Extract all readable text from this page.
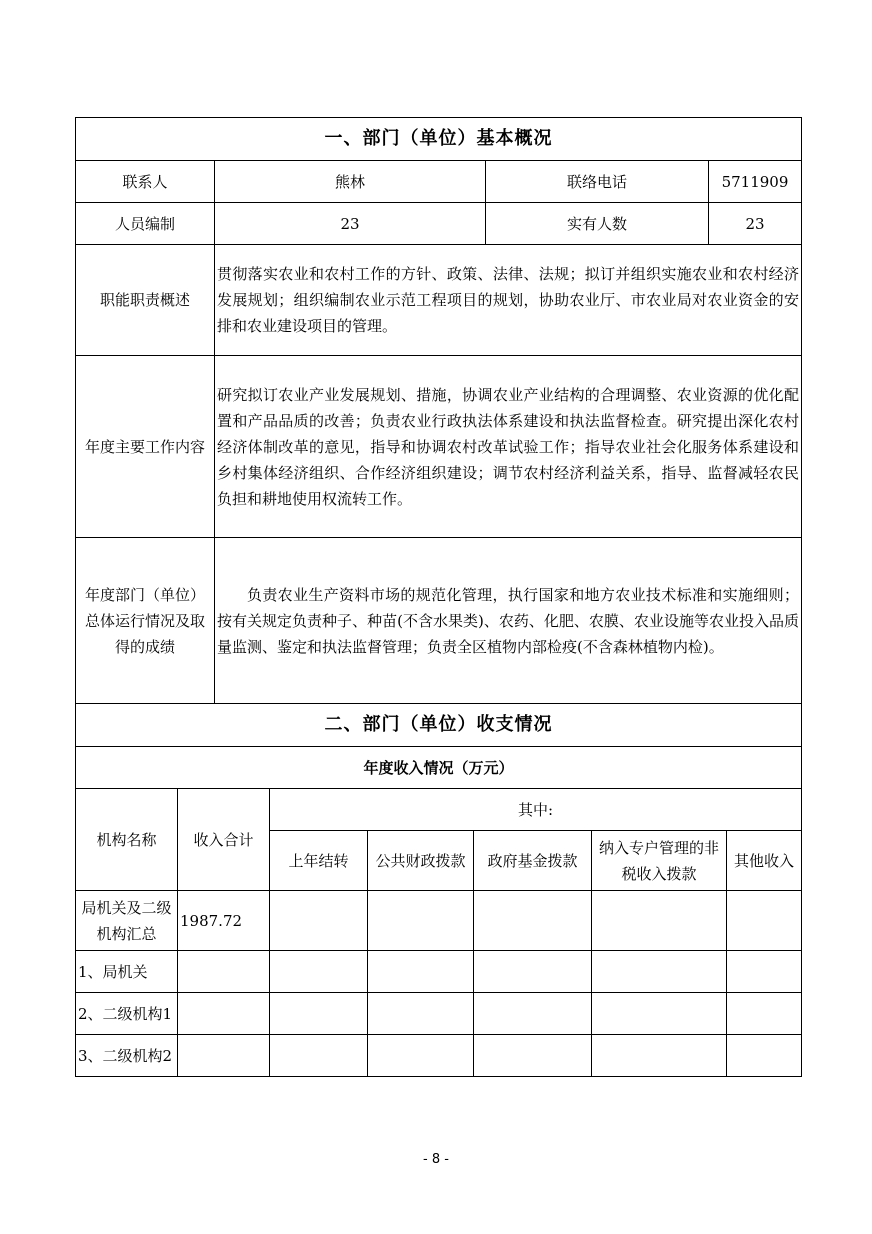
一、部门（单位）基本概况			
联系人	熊林	联络电话	5711909
人员编制	23	实有人数	23
职能职责概述	贯彻落实农业和农村工作的方针、政策、法律、法规；拟订并组织实施农业和农村经济发展规划；组织编制农业示范工程项目的规划，协助农业厅、市农业局对农业资金的安排和农业建设项目的管理。		
年度主要工作内容	研究拟订农业产业发展规划、措施，协调农业产业结构的合理调整、农业资源的优化配置和产品品质的改善；负责农业行政执法体系建设和执法监督检查。研究提出深化农村经济体制改革的意见，指导和协调农村改革试验工作；指导农业社会化服务体系建设和乡村集体经济组织、合作经济组织建设；调节农村经济利益关系，指导、监督减轻农民负担和耕地使用权流转工作。		
年度部门（单位）总体运行情况及取得的成绩	负责农业生产资料市场的规范化管理，执行国家和地方农业技术标准和实施细则；按有关规定负责种子、种苗(不含水果类)、农药、化肥、农膜、农业设施等农业投入品质量监测、鉴定和执法监督管理；负责全区植物内部检疫(不含森林植物内检)。		
二、部门（单位）收支情况			
年度收入情况（万元）			
机构名称	收入合计	其中:				
		上年结转	公共财政拨款	政府基金拨款	纳入专户管理的非税收入拨款	其他收入
局机关及二级机构汇总	1987.72					
1、局机关						
2、二级机构1						
3、二级机构2						
- 8 -
